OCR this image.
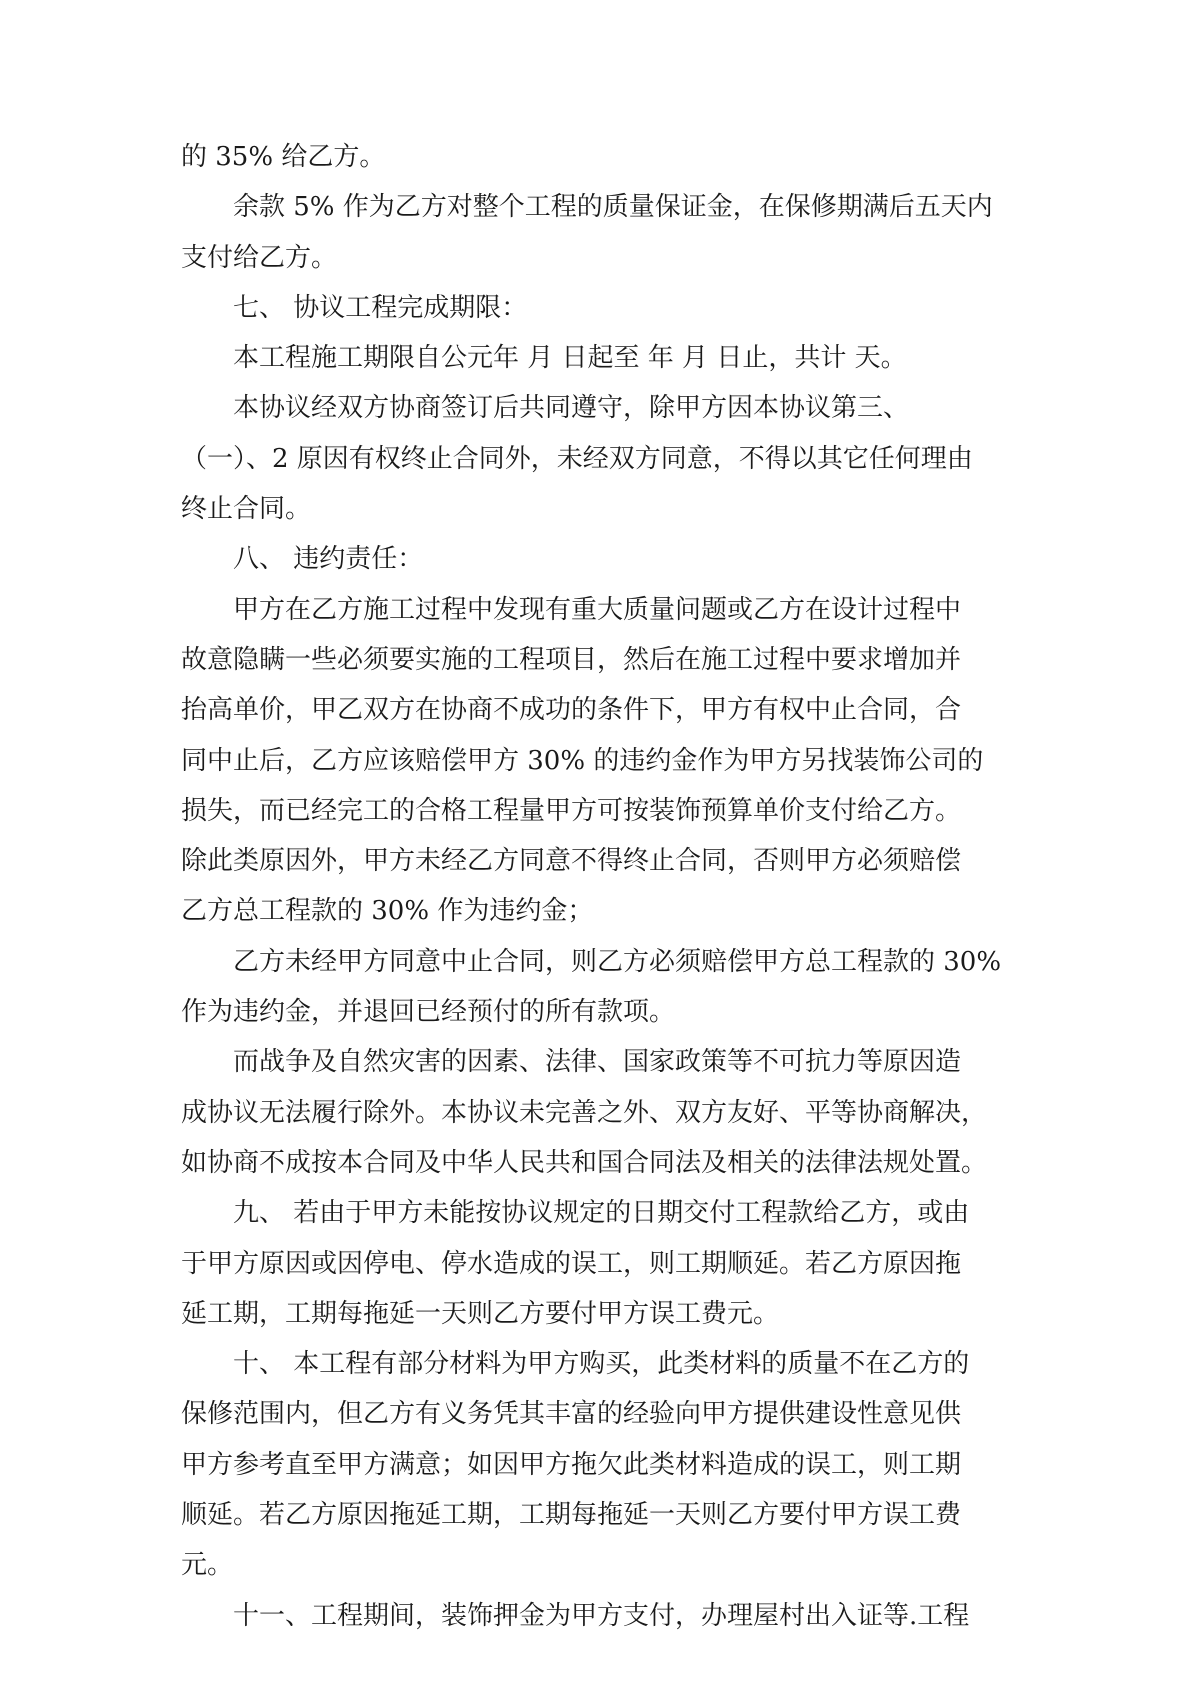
的 35% 给乙方。
余款 5% 作为乙方对整个工程的质量保证金，在保修期满后五天内
支付给乙方。
七、 协议工程完成期限：
本工程施工期限自公元年 月 日起至 年 月 日止，共计 天。
本协议经双方协商签订后共同遵守，除甲方因本协议第三、
（一）、2 原因有权终止合同外，未经双方同意，不得以其它任何理由
终止合同。
八、 违约责任：
甲方在乙方施工过程中发现有重大质量问题或乙方在设计过程中
故意隐瞒一些必须要实施的工程项目，然后在施工过程中要求增加并
抬高单价，甲乙双方在协商不成功的条件下，甲方有权中止合同，合
同中止后，乙方应该赔偿甲方 30% 的违约金作为甲方另找装饰公司的
损失，而已经完工的合格工程量甲方可按装饰预算单价支付给乙方。
除此类原因外，甲方未经乙方同意不得终止合同，否则甲方必须赔偿
乙方总工程款的 30% 作为违约金；
乙方未经甲方同意中止合同，则乙方必须赔偿甲方总工程款的 30%
作为违约金，并退回已经预付的所有款项。
而战争及自然灾害的因素、法律、国家政策等不可抗力等原因造
成协议无法履行除外。本协议未完善之外、双方友好、平等协商解决，
如协商不成按本合同及中华人民共和国合同法及相关的法律法规处置。
九、 若由于甲方未能按协议规定的日期交付工程款给乙方，或由
于甲方原因或因停电、停水造成的误工，则工期顺延。若乙方原因拖
延工期，工期每拖延一天则乙方要付甲方误工费元。
十、 本工程有部分材料为甲方购买，此类材料的质量不在乙方的
保修范围内，但乙方有义务凭其丰富的经验向甲方提供建设性意见供
甲方参考直至甲方满意；如因甲方拖欠此类材料造成的误工，则工期
顺延。若乙方原因拖延工期，工期每拖延一天则乙方要付甲方误工费
元。
十一、工程期间，装饰押金为甲方支付，办理屋村出入证等.工程
